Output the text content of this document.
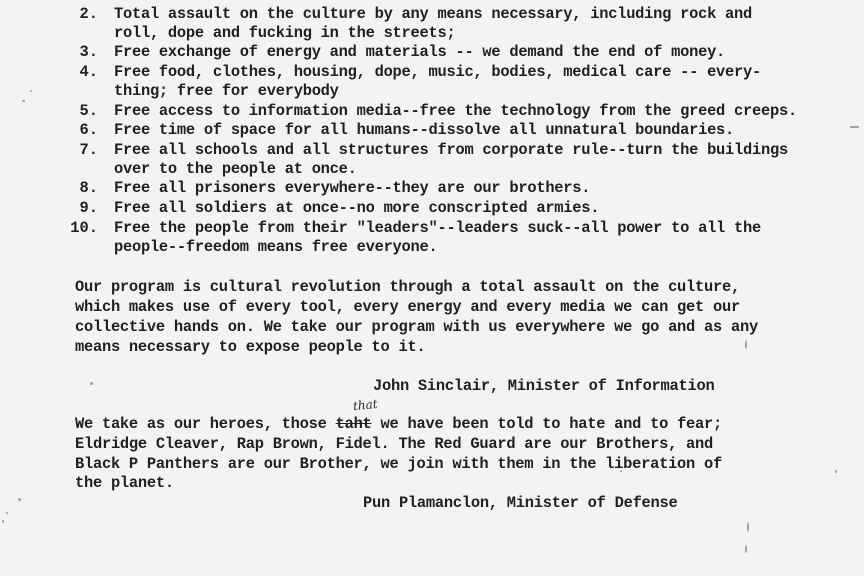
2. Total assault on the culture by any means necessary, including rock and
roll, dope and fucking in the streets;
3. Free exchange of energy and materials -- we demand the end of money.
4. Free food, clothes, housing, dope, music, bodies, medical care -- every-
thing; free for everybody
5. Free access to information media--free the technology from the greed creeps.
6. Free time of space for all humans--dissolve all unnatural boundaries.
7. Free all schools and all structures from corporate rule--turn the buildings
over to the people at once.
8. Free all prisoners everywhere--they are our brothers.
9. Free all soldiers at once--no more conscripted armies.
10. Free the people from their "leaders"--leaders suck--all power to all the
people--freedom means free everyone.
Our program is cultural revolution through a total assault on the culture,
which makes use of every tool, every energy and every media we can get our
collective hands on. We take our program with us everywhere we go and as any
means necessary to expose people to it.
John Sinclair, Minister of Information
that
We take as our heroes, those taht we have been told to hate and to fear;
Eldridge Cleaver, Rap Brown, Fidel. The Red Guard are our Brothers, and
Black P Panthers are our Brother, we join with them in the liberation of
the planet.
Pun Plamanclon, Minister of Defense
